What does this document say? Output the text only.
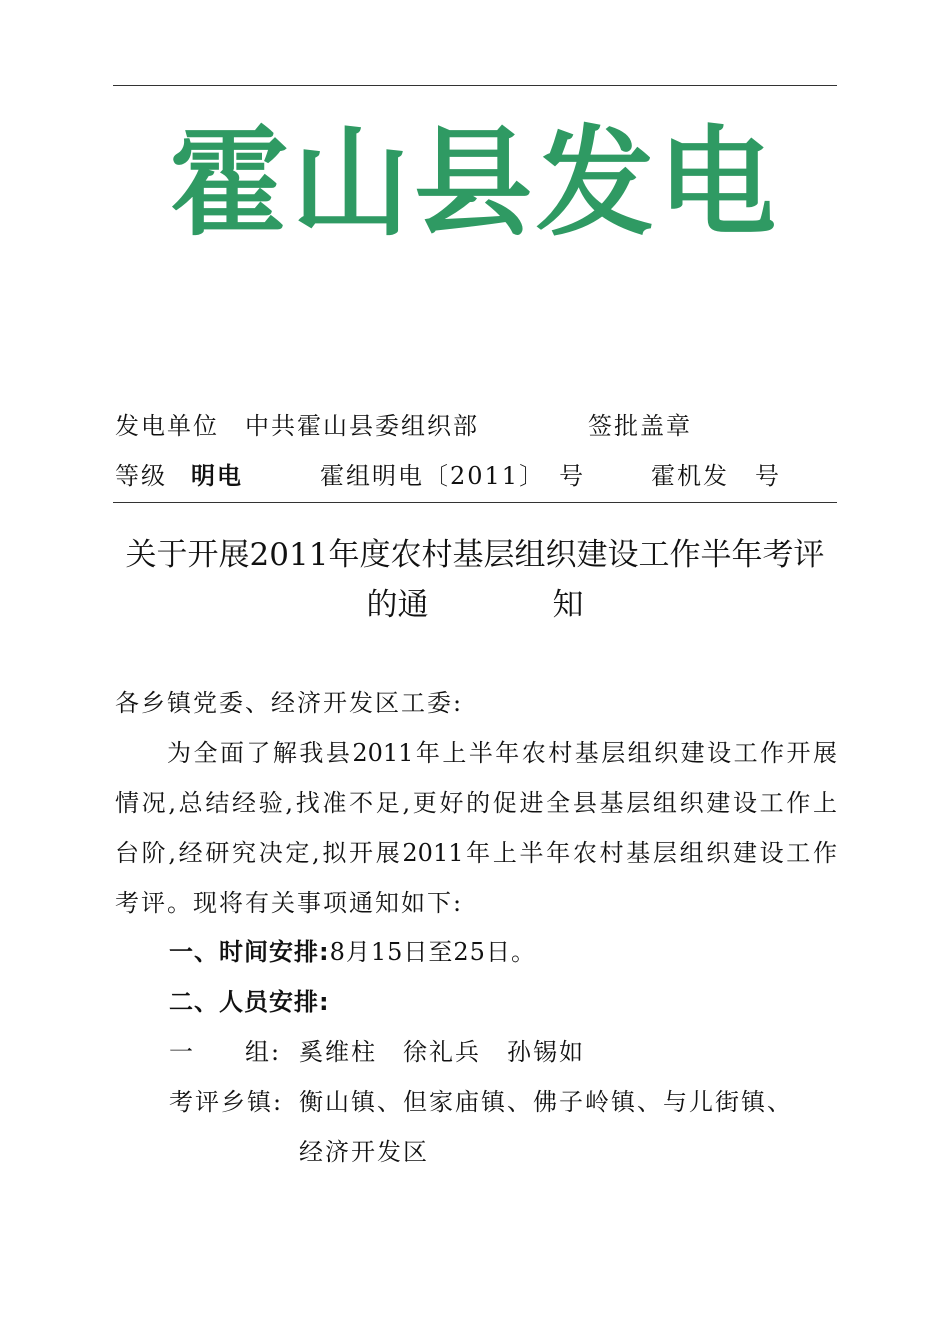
霍山县发电
发电单位 中共霍山县委组织部	签批盖章
等级 明电	霍组明电〔2011〕　号	霍机发　号
关于开展2011年度农村基层组织建设工作半年考评
的通	知
各乡镇党委、经济开发区工委:
为全面了解我县2011年上半年农村基层组织建设工作开展
情况,总结经验,找准不足,更好的促进全县基层组织建设工作上
台阶,经研究决定,拟开展2011年上半年农村基层组织建设工作
考评。现将有关事项通知如下:
一、时间安排:8月15日至25日。
二、人员安排:
一 组: 奚维柱　徐礼兵　孙锡如
考评乡镇: 衡山镇、但家庙镇、佛子岭镇、与儿街镇、
经济开发区
